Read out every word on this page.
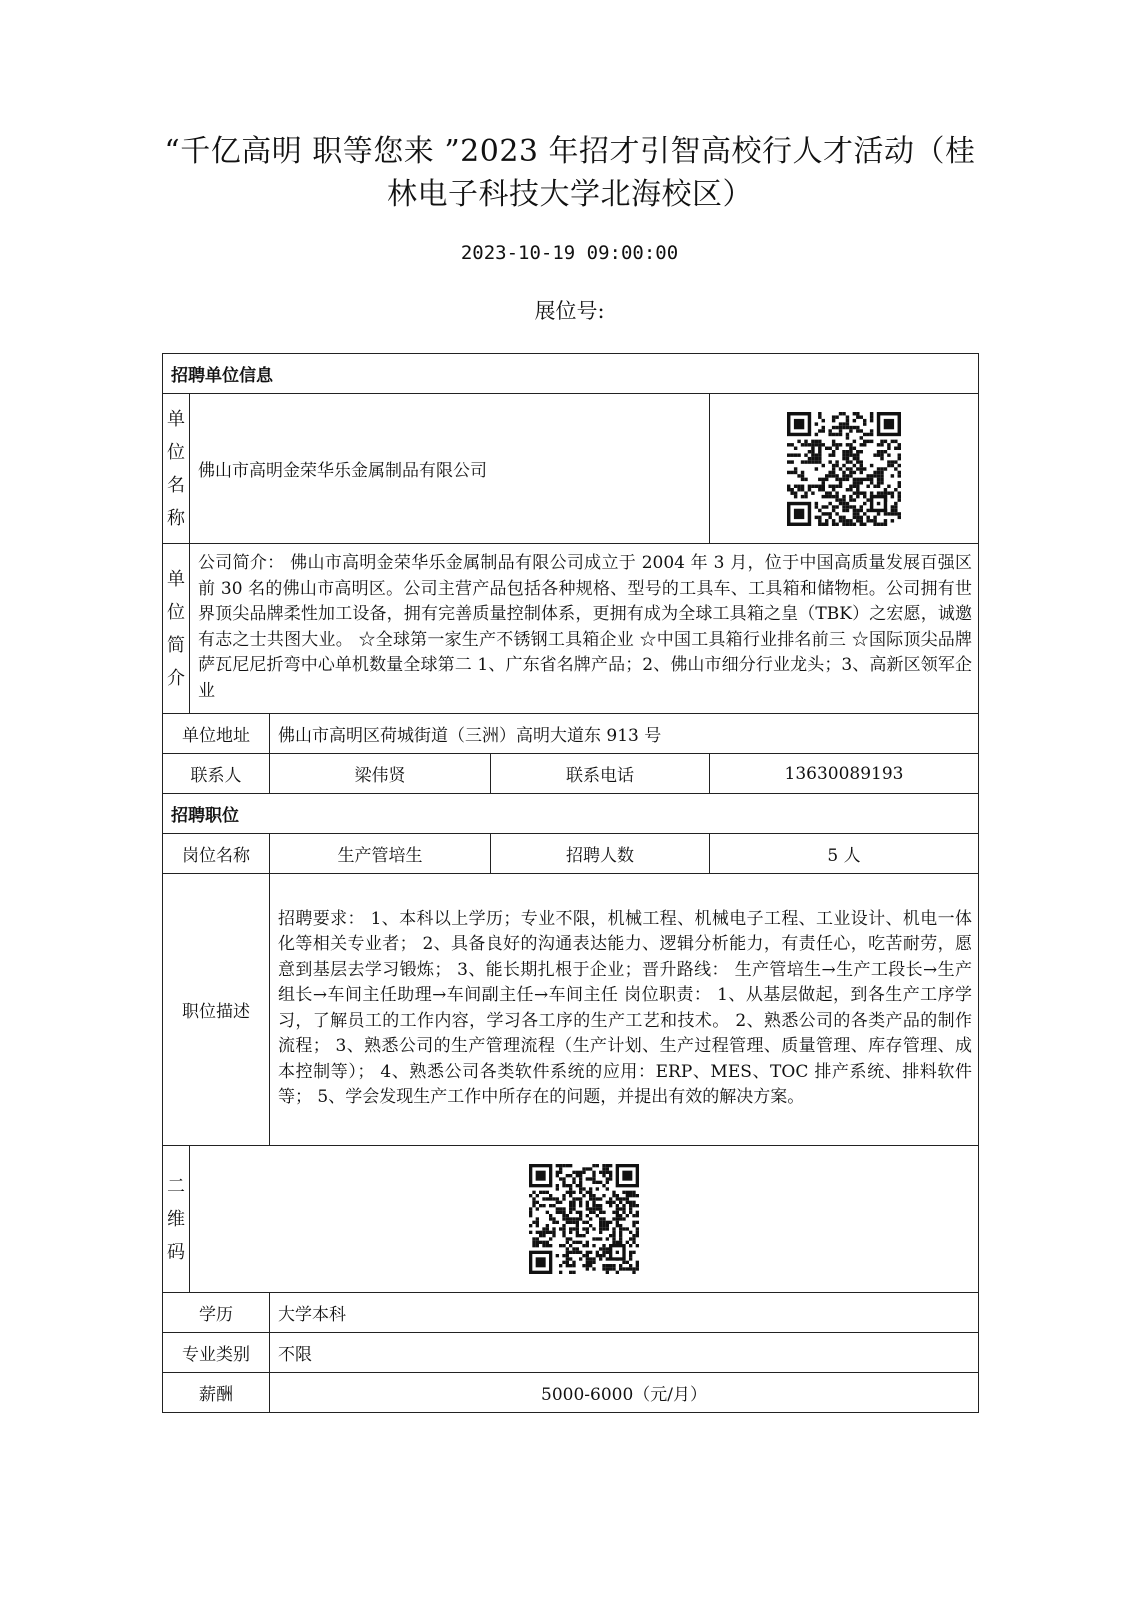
“千亿高明 职等您来 ”2023 年招才引智高校行人才活动（桂林电子科技大学北海校区）
2023-10-19 09:00:00
展位号:
招聘单位信息				
单位名称	佛山市高明金荣华乐金属制品有限公司	

单位简介	公司简介： 佛山市高明金荣华乐金属制品有限公司成立于 2004 年 3 月，位于中国高质量发展百强区前 30 名的佛山市高明区。公司主营产品包括各种规格、型号的工具车、工具箱和储物柜。公司拥有世界顶尖品牌柔性加工设备，拥有完善质量控制体系，更拥有成为全球工具箱之皇（TBK）之宏愿，诚邀有志之士共图大业。 ☆全球第一家生产不锈钢工具箱企业 ☆中国工具箱行业排名前三 ☆国际顶尖品牌萨瓦尼尼折弯中心单机数量全球第二 1、广东省名牌产品；2、佛山市细分行业龙头；3、高新区领军企业			
单位地址		佛山市高明区荷城街道（三洲）高明大道东 913 号		
联系人		梁伟贤	联系电话	13630089193
招聘职位				
岗位名称		生产管培生	招聘人数	5 人
职位描述		招聘要求： 1、本科以上学历；专业不限，机械工程、机械电子工程、工业设计、机电一体化等相关专业者； 2、具备良好的沟通表达能力、逻辑分析能力，有责任心，吃苦耐劳，愿意到基层去学习锻炼； 3、能长期扎根于企业；晋升路线： 生产管培生→生产工段长→生产组长→车间主任助理→车间副主任→车间主任 岗位职责： 1、从基层做起，到各生产工序学习，了解员工的工作内容，学习各工序的生产工艺和技术。 2、熟悉公司的各类产品的制作流程； 3、熟悉公司的生产管理流程（生产计划、生产过程管理、质量管理、库存管理、成本控制等）； 4、熟悉公司各类软件系统的应用：ERP、MES、TOC 排产系统、排料软件等； 5、学会发现生产工作中所存在的问题，并提出有效的解决方案。		
二维码	

学历		大学本科		
专业类别		不限		
薪酬		5000-6000（元/月）		
